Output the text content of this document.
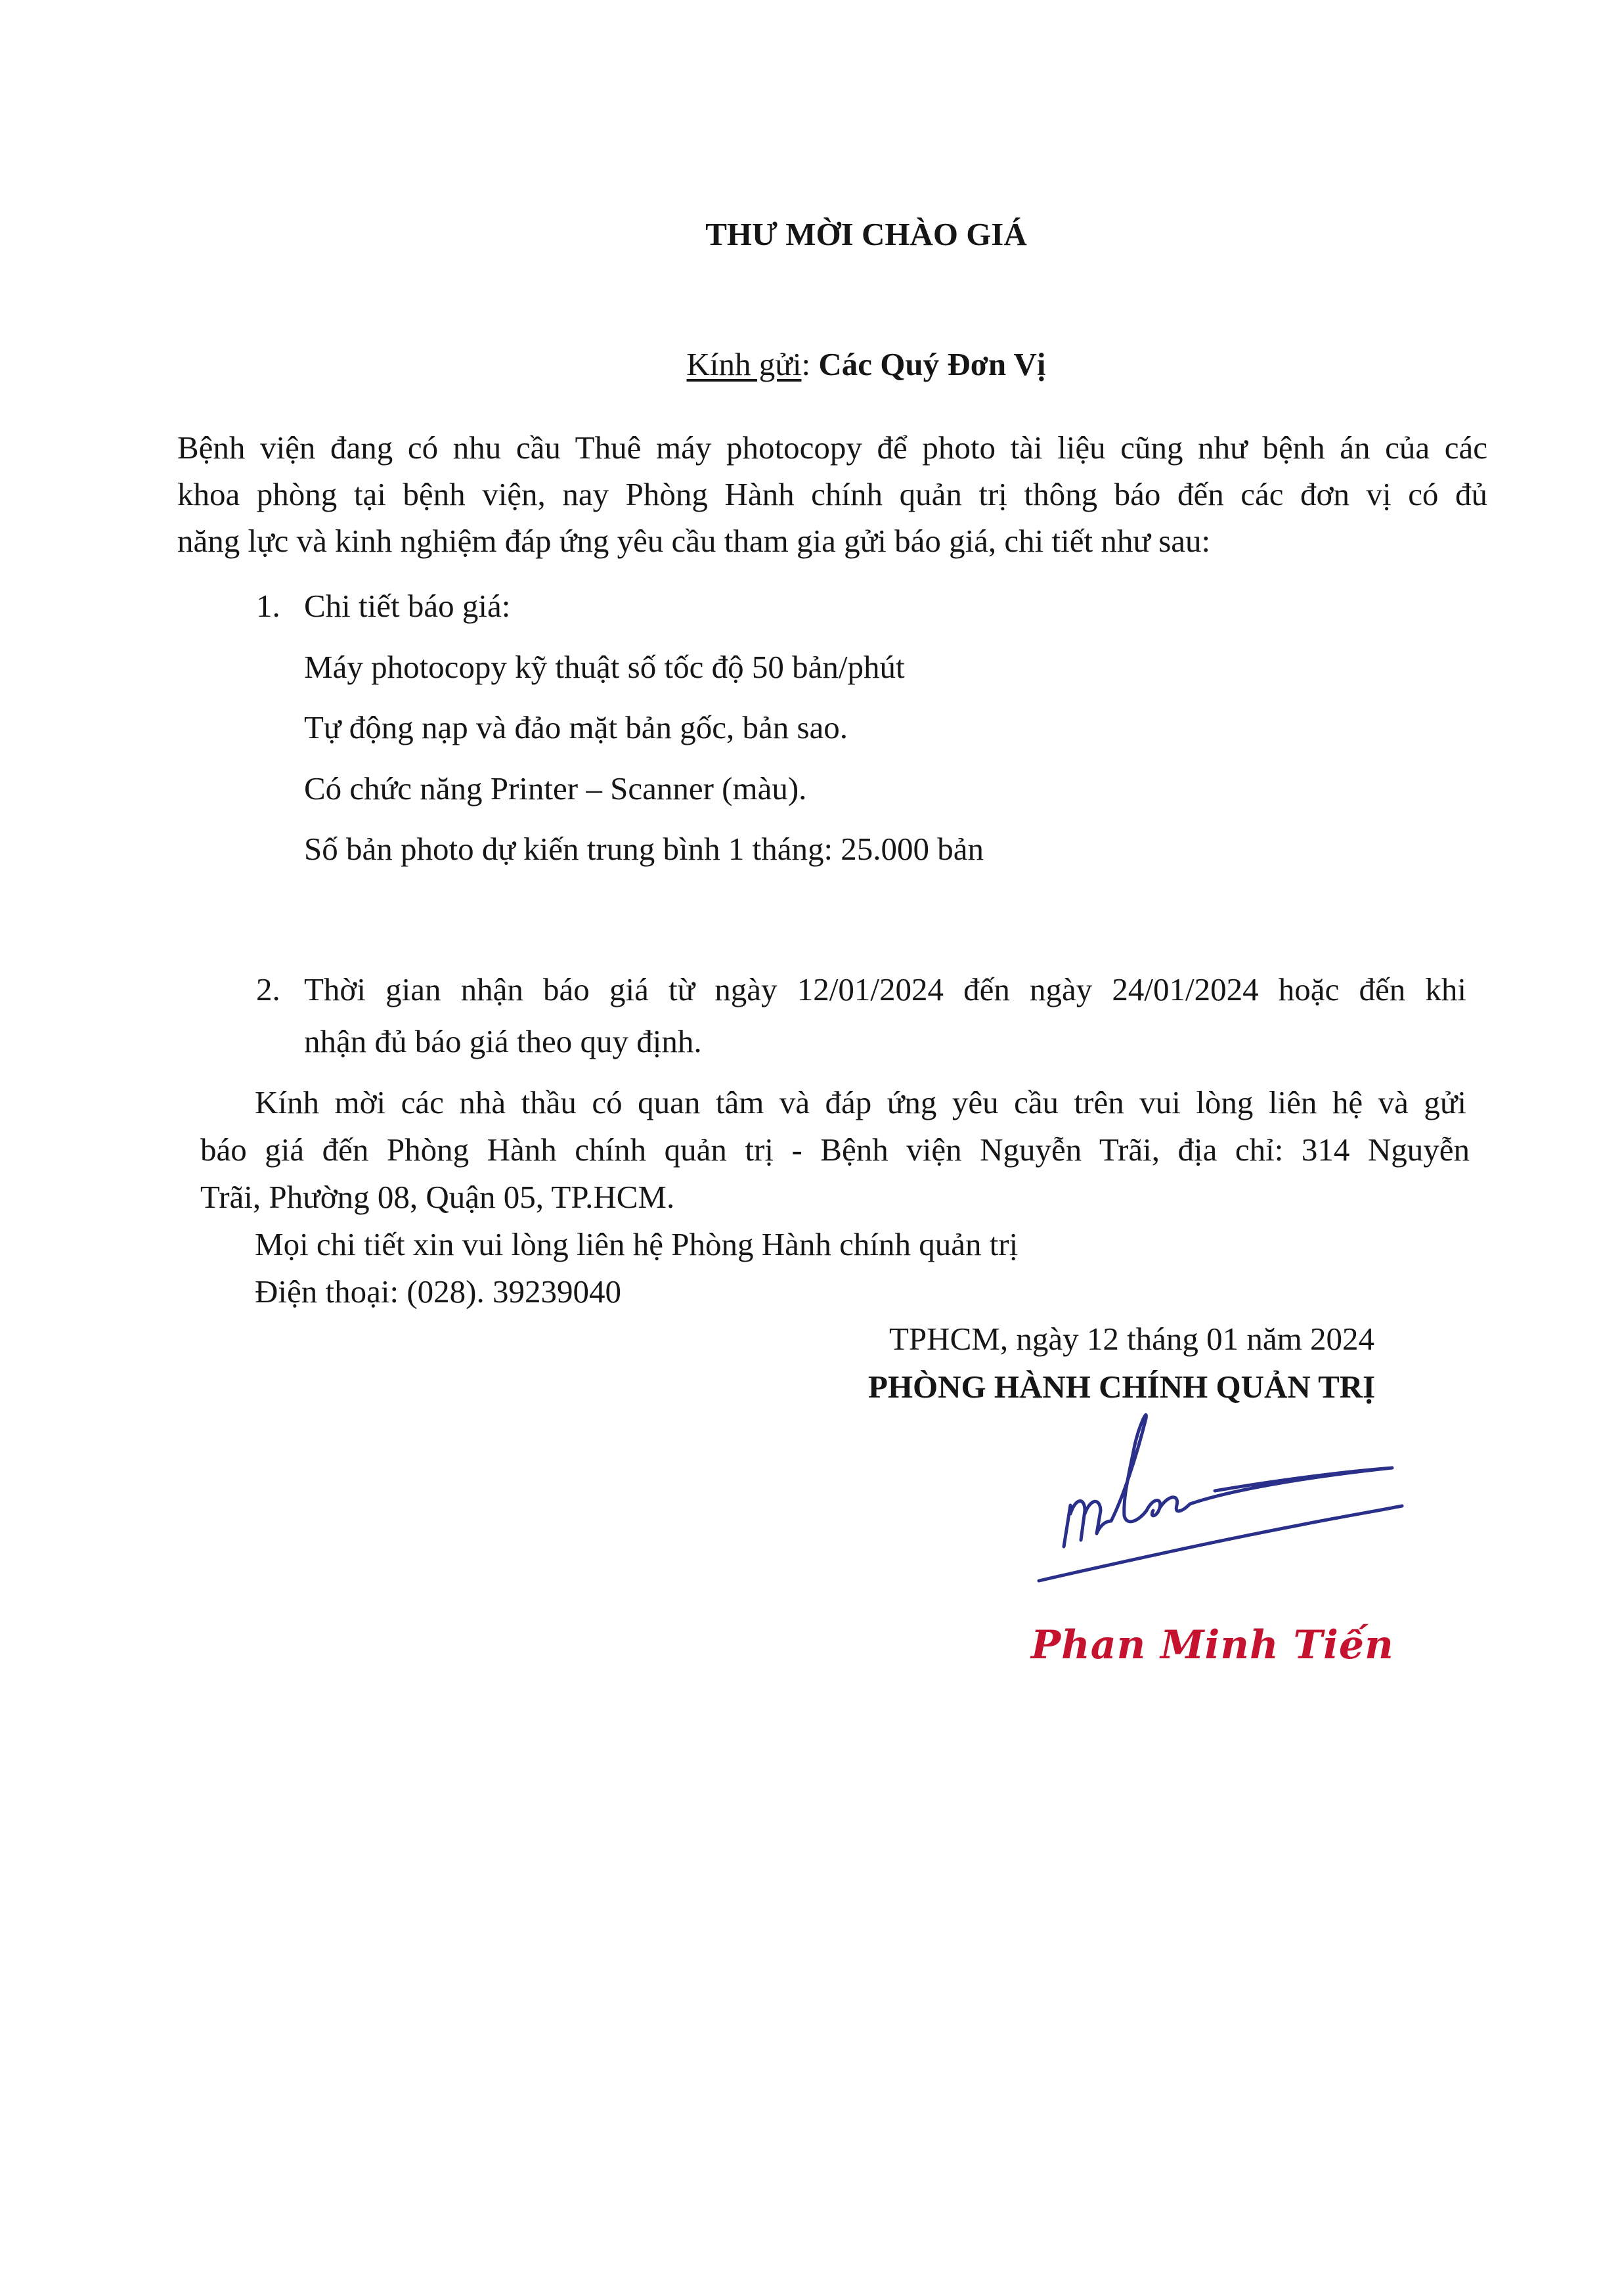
THƯ MỜI CHÀO GIÁ
Kính gửi: Các Quý Đơn Vị
Bệnh viện đang có nhu cầu Thuê máy photocopy để photo tài liệu cũng như bệnh án của các
khoa phòng tại bệnh viện, nay Phòng Hành chính quản trị thông báo đến các đơn vị có đủ
năng lực và kinh nghiệm đáp ứng yêu cầu tham gia gửi báo giá, chi tiết như sau:
1. Chi tiết báo giá:
Máy photocopy kỹ thuật số tốc độ 50 bản/phút
Tự động nạp và đảo mặt bản gốc, bản sao.
Có chức năng Printer – Scanner (màu).
Số bản photo dự kiến trung bình 1 tháng: 25.000 bản
2. Thời gian nhận báo giá từ ngày 12/01/2024 đến ngày 24/01/2024 hoặc đến khi
nhận đủ báo giá theo quy định.
Kính mời các nhà thầu có quan tâm và đáp ứng yêu cầu trên vui lòng liên hệ và gửi
báo giá đến Phòng Hành chính quản trị - Bệnh viện Nguyễn Trãi, địa chỉ: 314 Nguyễn
Trãi, Phường 08, Quận 05, TP.HCM.
Mọi chi tiết xin vui lòng liên hệ Phòng Hành chính quản trị
Điện thoại: (028). 39239040
TPHCM, ngày 12 tháng 01 năm 2024
PHÒNG HÀNH CHÍNH QUẢN TRỊ
Phan Minh Tiến
